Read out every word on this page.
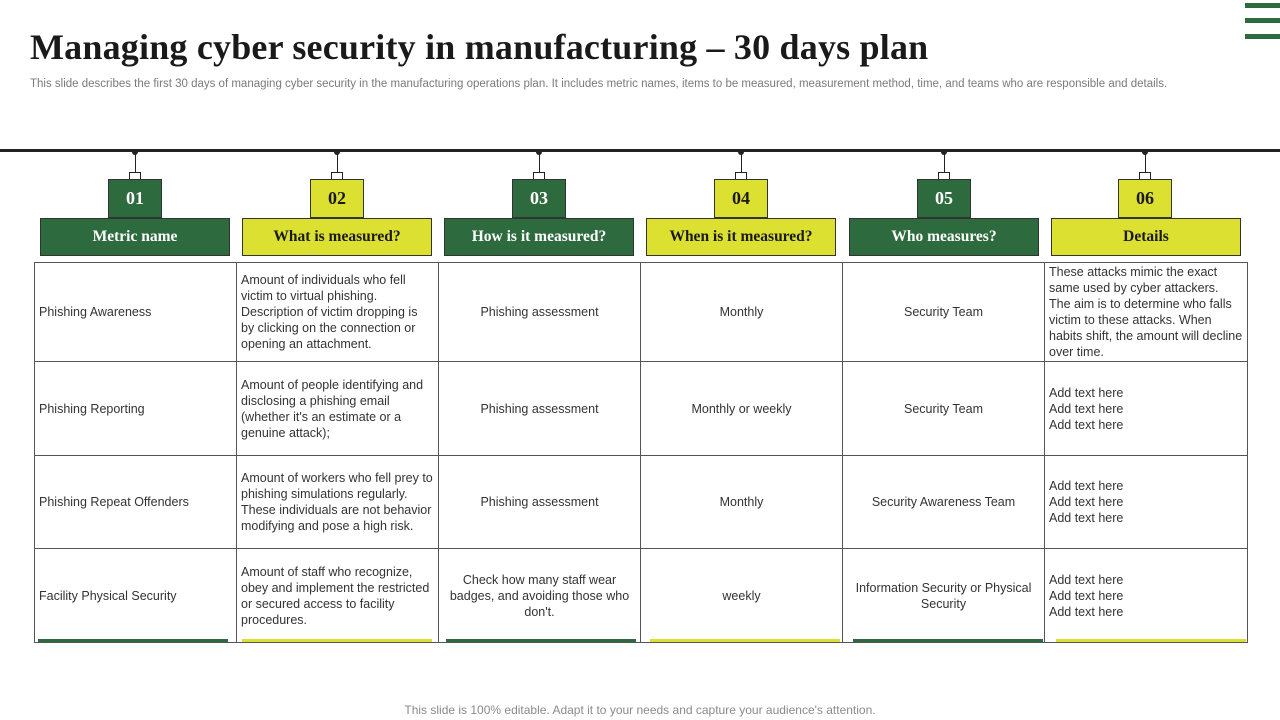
Managing cyber security in manufacturing – 30 days plan
This slide describes the first 30 days of managing cyber security in the manufacturing operations plan. It includes metric names, items to be measured, measurement method, time, and teams who are responsible and details.
01	02	03	04	05	06
Metric name	What is measured?	How is it measured?	When is it measured?	Who measures?	Details
Phishing Awareness	Amount of individuals who fell victim to virtual phishing. Description of victim dropping is by clicking on the connection or opening an attachment.	Phishing assessment	Monthly	Security Team	These attacks mimic the exact same used by cyber attackers. The aim is to determine who falls victim to these attacks. When habits shift, the amount will decline over time.
Phishing Reporting	Amount of people identifying and disclosing a phishing email (whether it's an estimate or a genuine attack);	Phishing assessment	Monthly or weekly	Security Team	Add text here
Add text here
Add text here
Phishing Repeat Offenders	Amount of workers who fell prey to phishing simulations regularly. These individuals are not behavior modifying and pose a high risk.	Phishing assessment	Monthly	Security Awareness Team	Add text here
Add text here
Add text here
Facility Physical Security	Amount of staff who recognize, obey and implement the restricted or secured access to facility procedures.	Check how many staff wear badges, and avoiding those who don't.	weekly	Information Security or Physical Security	Add text here
Add text here
Add text here
This slide is 100% editable. Adapt it to your needs and capture your audience's attention.
